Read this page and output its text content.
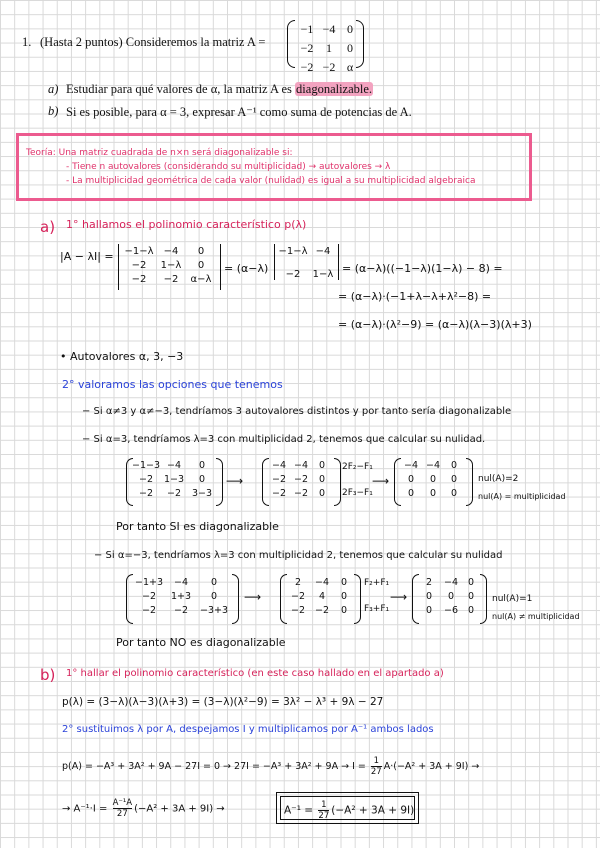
1. (Hasta 2 puntos) Consideremos la matriz A =
−1 −4 0
−2	1	0
−2 −2 α
a) Estudiar para qué valores de α, la matriz A es diagonalizable.
b) Si es posible, para α = 3, expresar A⁻¹ como suma de potencias de A.
Teoría: Una matriz cuadrada de n×n será diagonalizable si:
- Tiene n autovalores (considerando su multiplicidad) → autovalores → λ
- La multiplicidad geométrica de cada valor (nulidad) es igual a su multiplicidad algebraica
a) 1° hallamos el polinomio característico p(λ)
|A − λI| = −1−λ	−4	0
−2	1−λ	0
−2	−2	α−λ
= (α−λ)
−1−λ −4
−2	1−λ = (α−λ)((−1−λ)(1−λ) − 8) =
= (α−λ)·(−1+λ−λ+λ²−8) =
= (α−λ)·(λ²−9) = (α−λ)(λ−3)(λ+3)
• Autovalores α, 3, −3
2° valoramos las opciones que tenemos
− Si α≠3 y α≠−3, tendríamos 3 autovalores distintos y por tanto sería diagonalizable
− Si α=3, tendríamos λ=3 con multiplicidad 2, tenemos que calcular su nulidad.
−1−3 −4	0
−2	1−3	0
−2	−2	3−3
⟶
−4 −4	0
−2 −2	0
−2 −2	0
2F₂−F₁
2F₃−F₁
⟶
−4 −4	0
0	0	0
0	0	0
nul(A)=2
nul(A) = multiplicidad
Por tanto SI es diagonalizable
− Si α=−3, tendríamos λ=3 con multiplicidad 2, tenemos que calcular su nulidad
−1+3	−4	0
−2	1+3	0
−2	−2	−3+3
⟶
2	−4	0
−2	4	0
−2	−2	0
F₂+F₁
F₃+F₁
⟶
2	−4	0
0	0	0
0	−6	0
nul(A)=1
nul(A) ≠ multiplicidad
Por tanto NO es diagonalizable
b) 1° hallar el polinomio característico (en este caso hallado en el apartado a)
p(λ) = (3−λ)(λ−3)(λ+3) = (3−λ)(λ²−9) = 3λ² − λ³ + 9λ − 27
2° sustituimos λ por A, despejamos I y multiplicamos por A⁻¹ ambos lados
$p(A) = -A^3 + 3A^2 + 9A - 27I = 0 \to 27I = -A^3 + 3A^2 + 9A \to I = \frac{1}{27} A\cdot(-A^2 + 3A + 9I)$ →
→ $A^{-1}\cdot I = \frac{\text{A⁻¹A}}{27} (-A^2 + 3A + 9I)$ →	$A^{-1} = \frac{1}{27} (-A^2 + 3A + 9I)$
